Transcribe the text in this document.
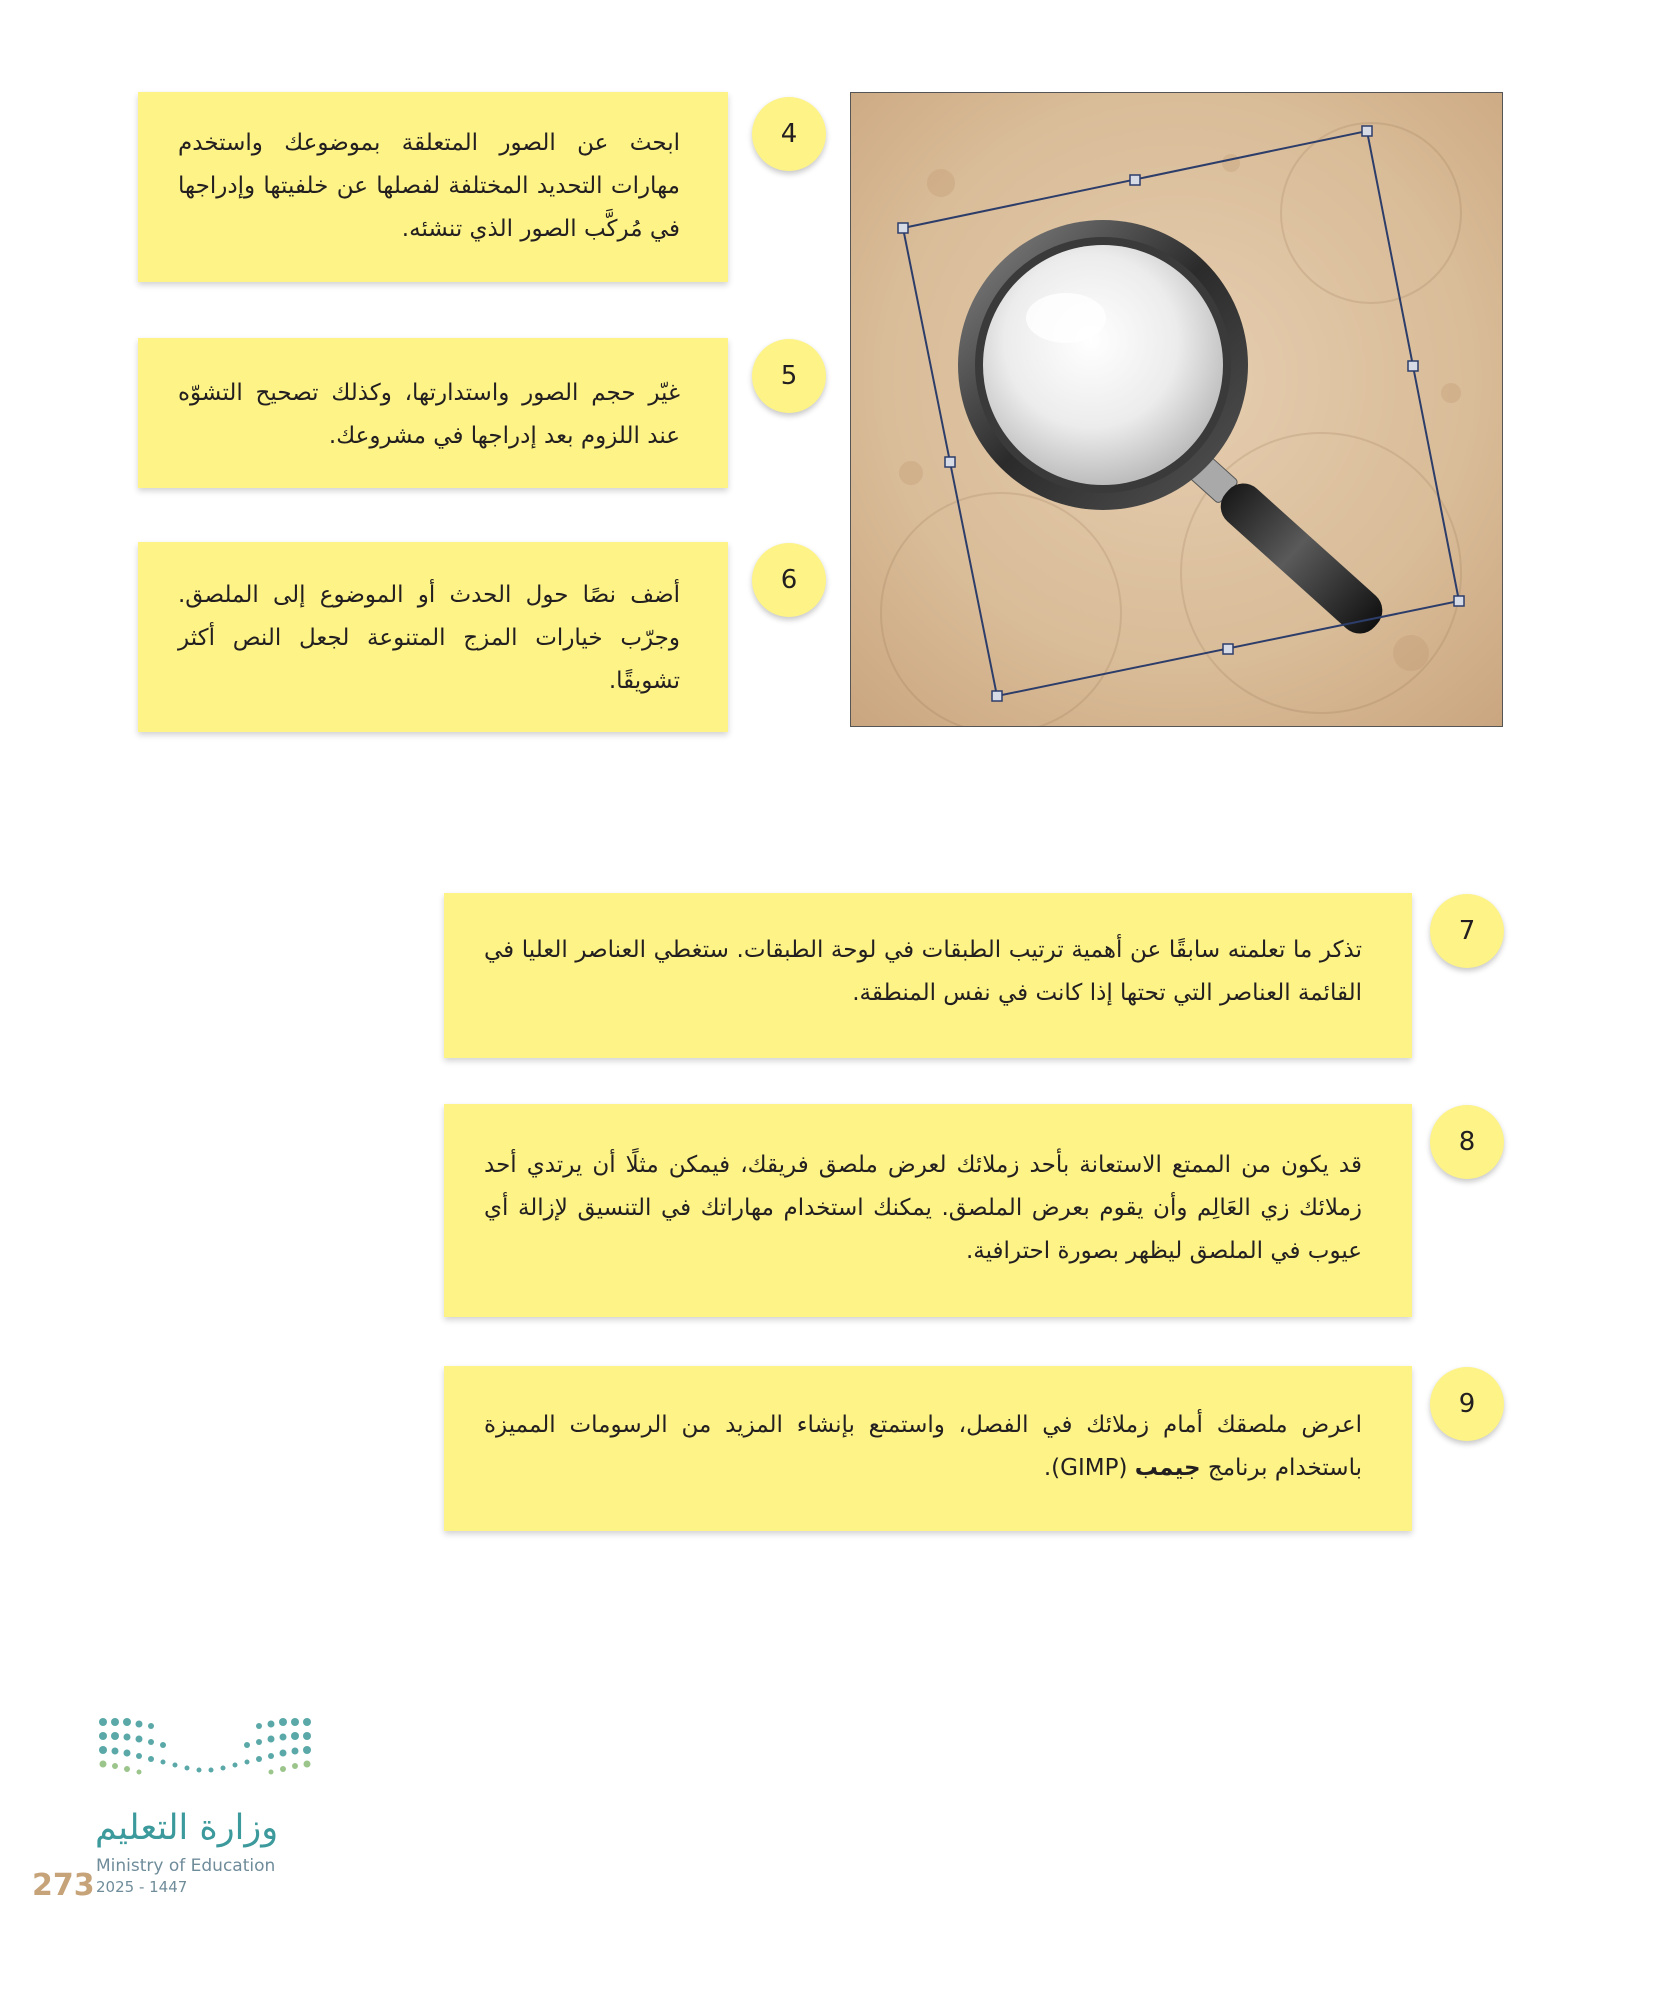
ابحث عن الصور المتعلقة بموضوعك واستخدم مهارات التحديد المختلفة لفصلها عن خلفيتها وإدراجها في مُركَّب الصور الذي تنشئه.

4

غيّر حجم الصور واستدارتها، وكذلك تصحيح التشوّه عند اللزوم بعد إدراجها في مشروعك.

5

أضف نصًا حول الحدث أو الموضوع إلى الملصق. وجرّب خيارات المزج المتنوعة لجعل النص أكثر تشويقًا.

6

تذكر ما تعلمته سابقًا عن أهمية ترتيب الطبقات في لوحة الطبقات. ستغطي العناصر العليا في القائمة العناصر التي تحتها إذا كانت في نفس المنطقة.

7

قد يكون من الممتع الاستعانة بأحد زملائك لعرض ملصق فريقك، فيمكن مثلًا أن يرتدي أحد زملائك زي العَالِم وأن يقوم بعرض الملصق. يمكنك استخدام مهاراتك في التنسيق لإزالة أي عيوب في الملصق ليظهر بصورة احترافية.

8

اعرض ملصقك أمام زملائك في الفصل، واستمتع بإنشاء المزيد من الرسومات المميزة باستخدام برنامج جيمب (GIMP).

9
وزارة التعليم
Ministry of Education
2025 - 1447
273
